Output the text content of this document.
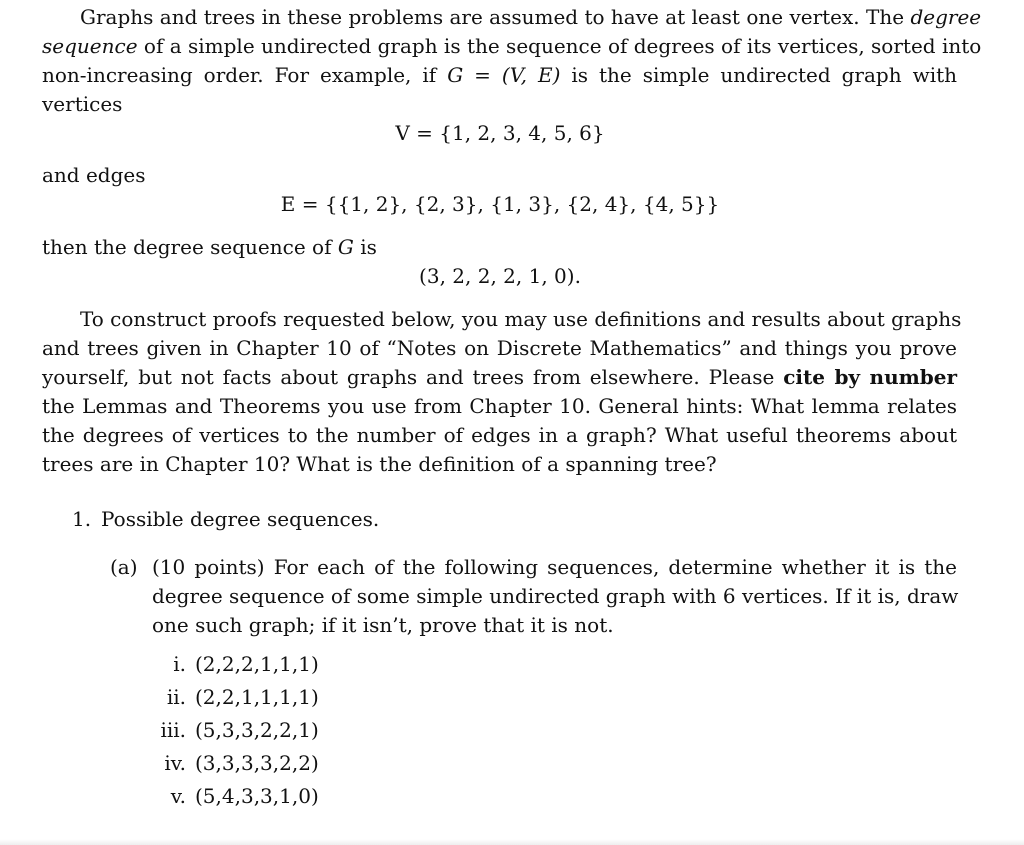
Graphs and trees in these problems are assumed to have at least one vertex. The degree
sequence of a simple undirected graph is the sequence of degrees of its vertices, sorted into
non-increasing order. For example, if G = (V, E) is the simple undirected graph with
vertices
V = {1, 2, 3, 4, 5, 6}
and edges
E = {{1, 2}, {2, 3}, {1, 3}, {2, 4}, {4, 5}}
then the degree sequence of G is
(3, 2, 2, 2, 1, 0).
To construct proofs requested below, you may use definitions and results about graphs
and trees given in Chapter 10 of “Notes on Discrete Mathematics” and things you prove
yourself, but not facts about graphs and trees from elsewhere. Please cite by number
the Lemmas and Theorems you use from Chapter 10. General hints: What lemma relates
the degrees of vertices to the number of edges in a graph? What useful theorems about
trees are in Chapter 10? What is the definition of a spanning tree?
1. Possible degree sequences.
(a) (10 points) For each of the following sequences, determine whether it is the
degree sequence of some simple undirected graph with 6 vertices. If it is, draw
one such graph; if it isn’t, prove that it is not.
i. (2,2,2,1,1,1)
ii. (2,2,1,1,1,1)
iii. (5,3,3,2,2,1)
iv. (3,3,3,3,2,2)
v. (5,4,3,3,1,0)
